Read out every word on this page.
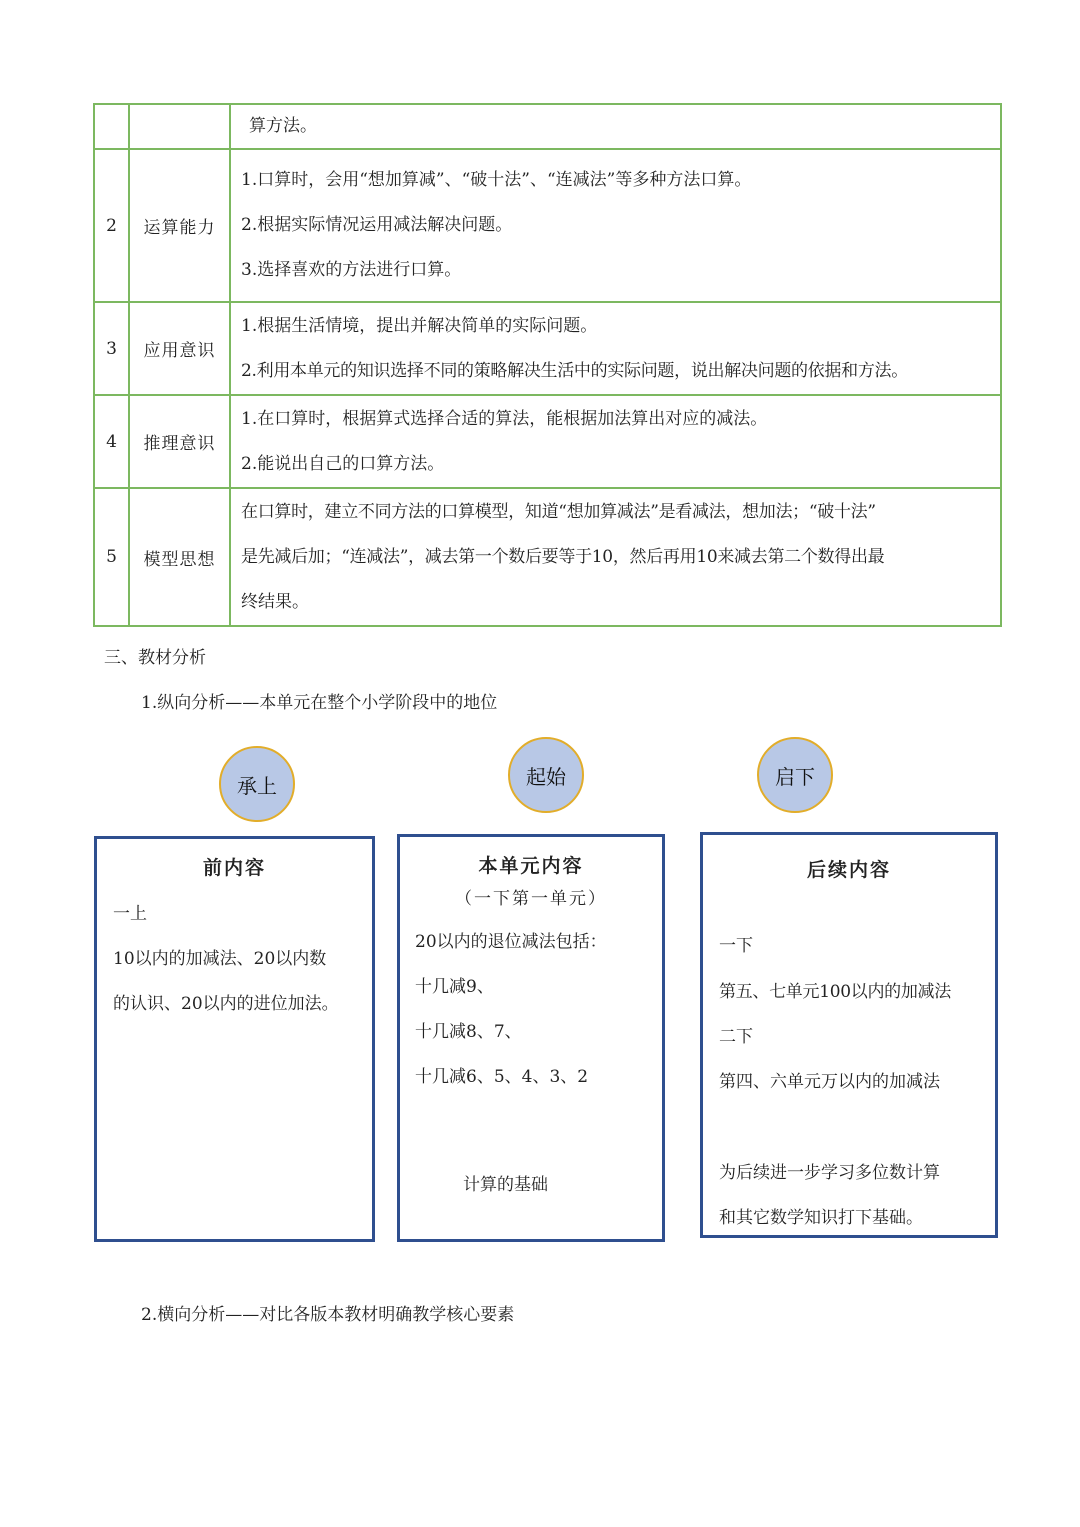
		算方法。

2	运算能力	1.口算时，会用“想加算减”、“破十法”、“连减法”等多种方法口算。

2.根据实际情况运用减法解决问题。

3.选择喜欢的方法进行口算。

3	应用意识	1.根据生活情境，提出并解决简单的实际问题。

2.利用本单元的知识选择不同的策略解决生活中的实际问题，说出解决问题的依据和方法。

4	推理意识	1.在口算时，根据算式选择合适的算法，能根据加法算出对应的减法。

2.能说出自己的口算方法。

5	模型思想	在口算时，建立不同方法的口算模型，知道“想加算减法”是看减法，想加法；“破十法”

是先减后加；“连减法”，减去第一个数后要等于10，然后再用10来减去第二个数得出最

终结果。

三、教材分析
1.纵向分析——本单元在整个小学阶段中的地位
承上	起始	启下
前内容
一上
10以内的加减法、20以内数
的认识、20以内的进位加法。
本单元内容
（一下第一单元）
20以内的退位减法包括：
十几减9、
十几减8、7、
十几减6、5、4、3、2
计算的基础
后续内容
一下
第五、七单元100以内的加减法
二下
第四、六单元万以内的加减法
为后续进一步学习多位数计算
和其它数学知识打下基础。
2.横向分析——对比各版本教材明确教学核心要素
